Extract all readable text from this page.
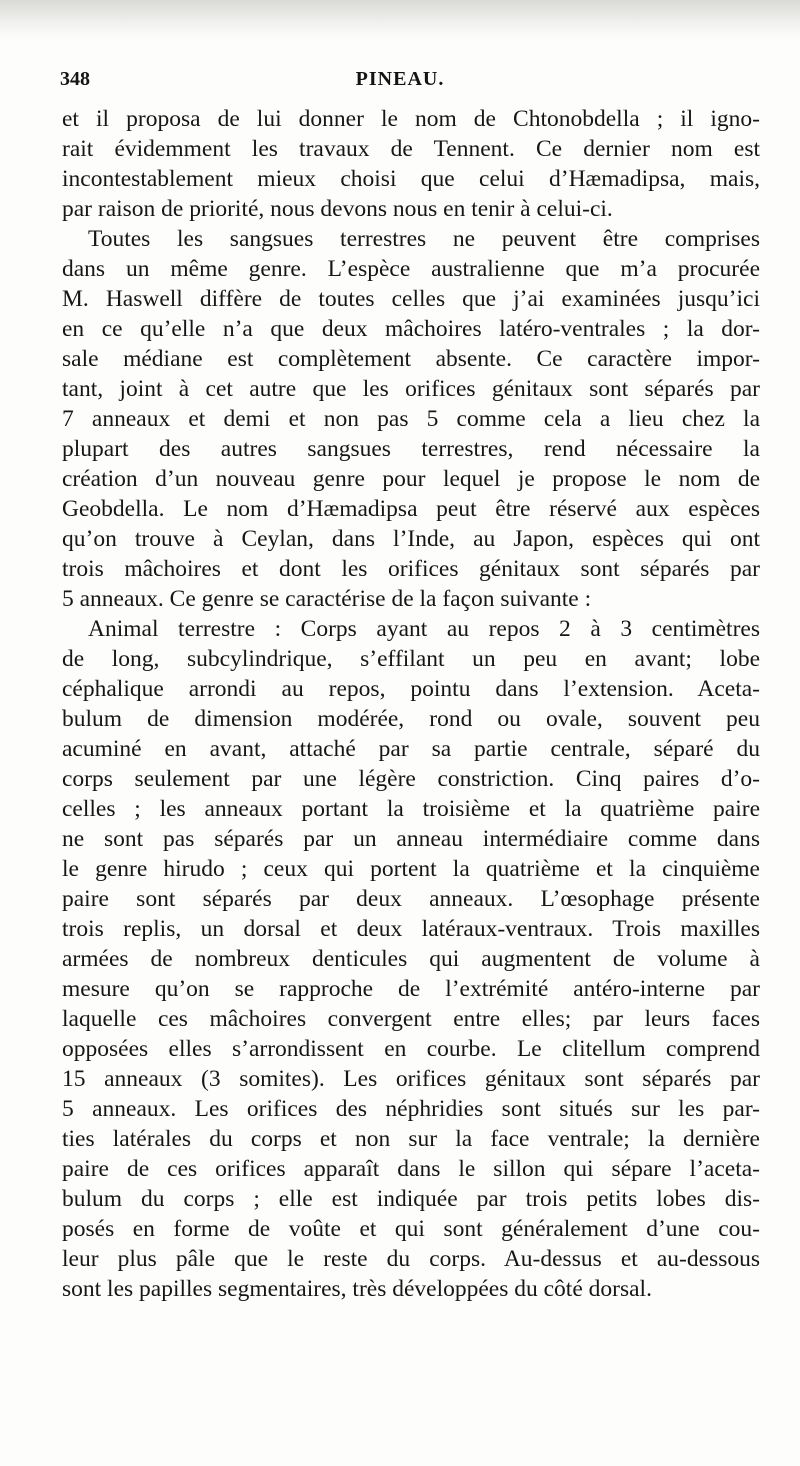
348	PINEAU.

et il proposa de lui donner le nom de Chtonobdella ; il igno-
rait évidemment les travaux de Tennent. Ce dernier nom est
incontestablement mieux choisi que celui d’Hæmadipsa, mais,
par raison de priorité, nous devons nous en tenir à celui-ci.

Toutes les sangsues terrestres ne peuvent être comprises
dans un même genre. L’espèce australienne que m’a procurée
M. Haswell diffère de toutes celles que j’ai examinées jusqu’ici
en ce qu’elle n’a que deux mâchoires latéro-ventrales ; la dor-
sale médiane est complètement absente. Ce caractère impor-
tant, joint à cet autre que les orifices génitaux sont séparés par
7 anneaux et demi et non pas 5 comme cela a lieu chez la
plupart des autres sangsues terrestres, rend nécessaire la
création d’un nouveau genre pour lequel je propose le nom de
Geobdella. Le nom d’Hæmadipsa peut être réservé aux espèces
qu’on trouve à Ceylan, dans l’Inde, au Japon, espèces qui ont
trois mâchoires et dont les orifices génitaux sont séparés par
5 anneaux. Ce genre se caractérise de la façon suivante :

Animal terrestre : Corps ayant au repos 2 à 3 centimètres
de long, subcylindrique, s’effilant un peu en avant; lobe
céphalique arrondi au repos, pointu dans l’extension. Aceta-
bulum de dimension modérée, rond ou ovale, souvent peu
acuminé en avant, attaché par sa partie centrale, séparé du
corps seulement par une légère constriction. Cinq paires d’o-
celles ; les anneaux portant la troisième et la quatrième paire
ne sont pas séparés par un anneau intermédiaire comme dans
le genre hirudo ; ceux qui portent la quatrième et la cinquième
paire sont séparés par deux anneaux. L’œsophage présente
trois replis, un dorsal et deux latéraux-ventraux. Trois maxilles
armées de nombreux denticules qui augmentent de volume à
mesure qu’on se rapproche de l’extrémité antéro-interne par
laquelle ces mâchoires convergent entre elles; par leurs faces
opposées elles s’arrondissent en courbe. Le clitellum comprend
15 anneaux (3 somites). Les orifices génitaux sont séparés par
5 anneaux. Les orifices des néphridies sont situés sur les par-
ties latérales du corps et non sur la face ventrale; la dernière
paire de ces orifices apparaît dans le sillon qui sépare l’aceta-
bulum du corps ; elle est indiquée par trois petits lobes dis-
posés en forme de voûte et qui sont généralement d’une cou-
leur plus pâle que le reste du corps. Au-dessus et au-dessous
sont les papilles segmentaires, très développées du côté dorsal.
